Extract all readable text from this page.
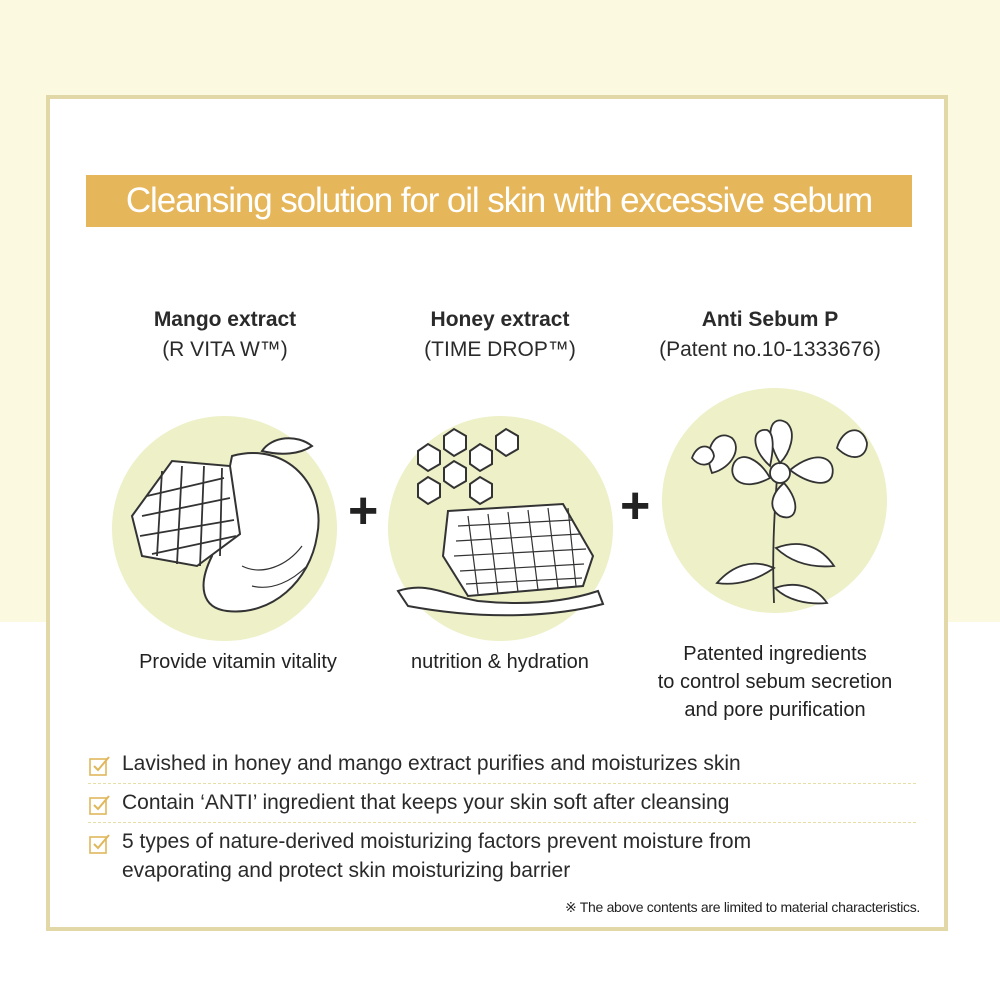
Cleansing solution for oil skin with excessive sebum
Mango extract
(R VITA W™)
Provide vitamin vitality
+
Honey extract
(TIME DROP™)
nutrition & hydration
+
Anti Sebum P
(Patent no.10-1333676)
Patented ingredients
to control sebum secretion
and pore purification
Lavished in honey and mango extract purifies and moisturizes skin
Contain ‘ANTI’ ingredient that keeps your skin soft after cleansing
5 types of nature-derived moisturizing factors prevent moisture from
evaporating and protect skin moisturizing barrier
※ The above contents are limited to material characteristics.
